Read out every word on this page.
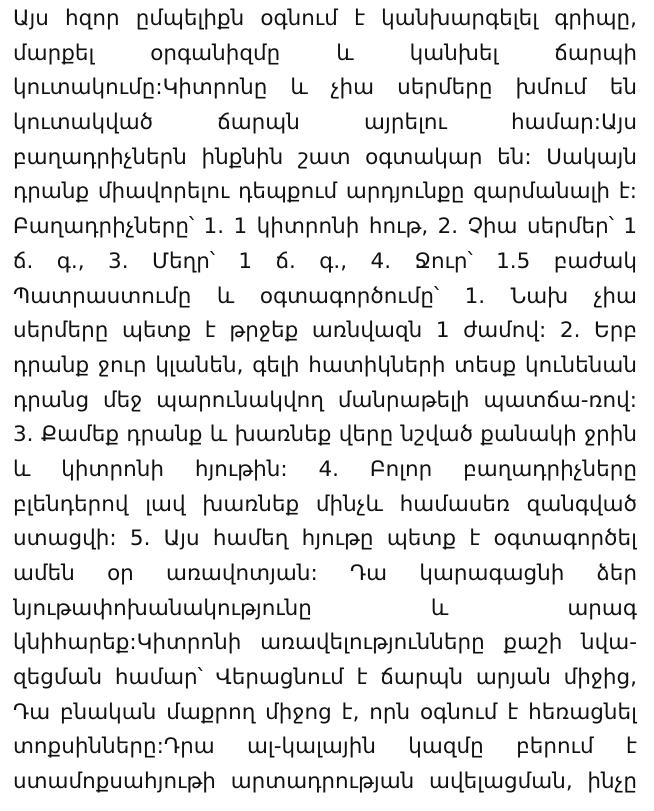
Այս հզոր ըմպելիքն օգնում է կանխարգելել գրիպը,
մարքել օրգանիզմը և կանխել ճարպի
կուտակումը:Կիտրոնը և չիա սերմերը խմում են
կուտակված ճարպն այրելու համար:Այս
բաղադրիչներն ինքնին շատ օգտակար են: Սակայն
դրանք միավորելու դեպքում արդյունքը զարմանալի է:
Բաղադրիչները՝ 1. 1 կիտրոնի հութ, 2. Չիա սերմեր՝ 1
ճ. գ., 3. Մեղր՝ 1 ճ. գ., 4. Ջուր՝ 1.5 բաժակ
Պատրաստումը և օգտագործումը՝ 1. Նախ չիա
սերմերը պետք է թրջեք առնվազն 1 ժամով: 2. Երբ
դրանք ջուր կլանեն, գելի հատիկների տեսք կունենան
դրանց մեջ պարունակվող մանրաթելի պատճա-ռով:
3. Քամեք դրանք և խառնեք վերը նշված քանակի ջրին
և կիտրոնի հյութին: 4. Բոլոր բաղադրիչները
բլենդերով լավ խառնեք մինչև համասեռ զանգված
ստացվի: 5. Այս համեղ հյութը պետք է օգտագործել
ամեն օր առավոտյան: Դա կարագացնի ձեր
նյութափոխանակությունը և արագ
կնիհարեք:Կիտրոնի առավելությունները քաշի նվա-
զեցման համար՝ Վերացնում է ճարպն արյան միջից,
Դա բնական մաքրող միջոց է, որն օգնում է հեռացնել
տոքսինները:Դրա ալ-կալային կազմը բերում է
ստամոքսահյութի արտադրության ավելացման, ինչը
